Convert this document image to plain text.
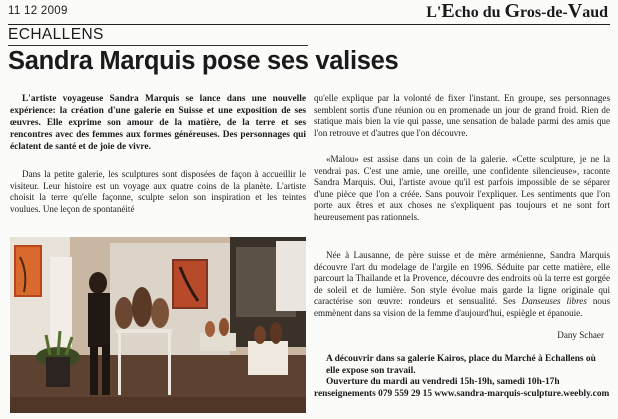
11 12 2009	L'Echo du Gros-de-Vaud
ECHALLENS
Sandra Marquis pose ses valises

L'artiste voyageuse Sandra Marquis se lance dans une nouvelle expérience: la création d'une galerie en Suisse et une exposition de ses œuvres. Elle exprime son amour de la matière, de la terre et ses rencontres avec des femmes aux formes généreuses. Des personnages qui éclatent de santé et de joie de vivre.

Dans la petite galerie, les sculptures sont disposées de façon à accueillir le visiteur. Leur histoire est un voyage aux quatre coins de la planète. L'artiste choisit la terre qu'elle façonne, sculpte selon son inspiration et les teintes voulues. Une leçon de spontanéité

qu'elle explique par la volonté de fixer l'instant. En groupe, ses personnages semblent sortis d'une réunion ou en promenade un jour de grand froid. Rien de statique mais bien la vie qui passe, une sensation de balade parmi des amis que l'on retrouve et d'autres que l'on découvre.

«Malou» est assise dans un coin de la galerie. «Cette sculpture, je ne la vendrai pas. C'est une amie, une oreille, une confidente silencieuse», raconte Sandra Marquis. Oui, l'artiste avoue qu'il est parfois impossible de se séparer d'une pièce que l'on a créée. Sans pouvoir l'expliquer. Les sentiments que l'on porte aux êtres et aux choses ne s'expliquent pas toujours et ne sont fort heureusement pas rationnels.

Née à Lausanne, de père suisse et de mère arménienne, Sandra Marquis découvre l'art du modelage de l'argile en 1996. Séduite par cette matière, elle parcourt la Thaïlande et la Provence, découvre des endroits où la terre est gorgée de soleil et de lumière. Son style évolue mais garde la ligne originale qui caractérise son œuvre: rondeurs et sensualité. Ses Danseuses libres nous emmènent dans sa vision de la femme d'aujourd'hui, espiègle et épanouie.

Dany Schaer

A découvrir dans sa galerie Kairos, place du Marché à Echallens où elle expose son travail.
Ouverture du mardi au vendredi 15h-19h, samedi 10h-17h
renseignements 079 559 29 15 www.sandra-marquis-sculpture.weebly.com
